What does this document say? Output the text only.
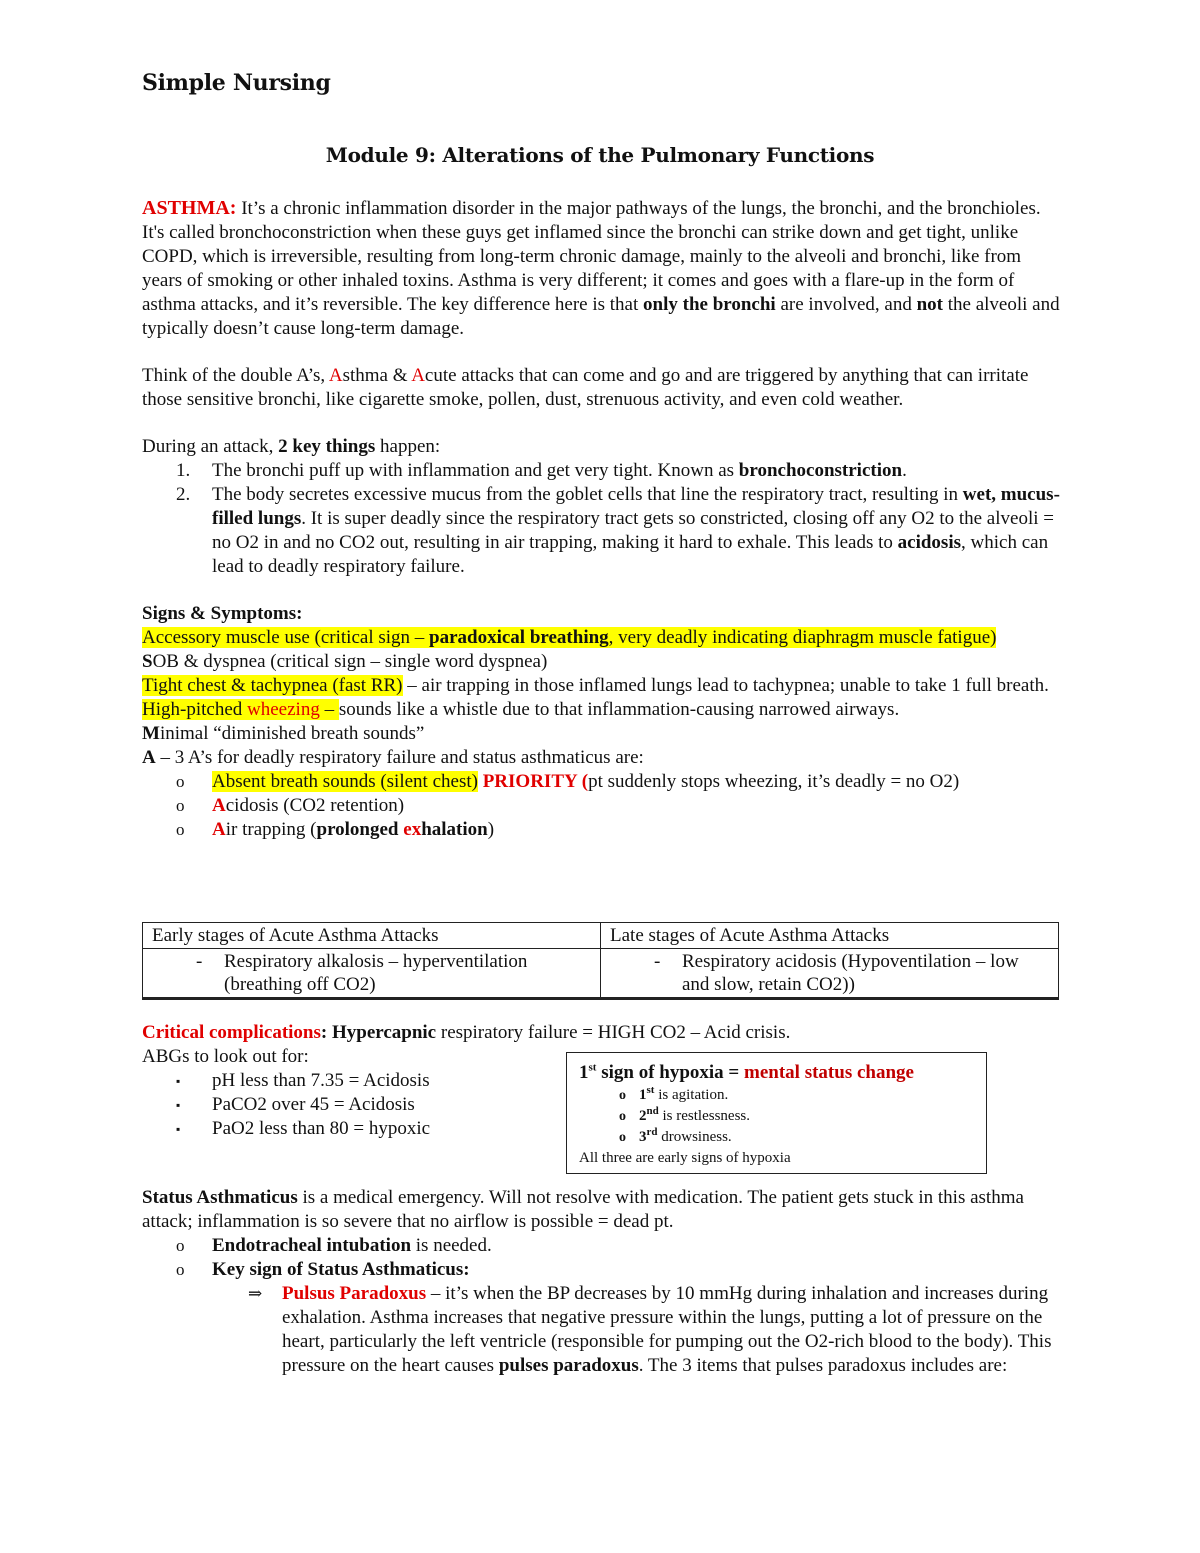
Simple Nursing
Module 9: Alterations of the Pulmonary Functions

ASTHMA: It’s a chronic inflammation disorder in the major pathways of the lungs, the bronchi, and the bronchioles. It's called bronchoconstriction when these guys get inflamed since the bronchi can strike down and get tight, unlike COPD, which is irreversible, resulting from long-term chronic damage, mainly to the alveoli and bronchi, like from years of smoking or other inhaled toxins. Asthma is very different; it comes and goes with a flare-up in the form of asthma attacks, and it’s reversible. The key difference here is that only the bronchi are involved, and not the alveoli and typically doesn’t cause long-term damage.

Think of the double A’s, Asthma & Acute attacks that can come and go and are triggered by anything that can irritate those sensitive bronchi, like cigarette smoke, pollen, dust, strenuous activity, and even cold weather.

During an attack, 2 key things happen:

1. The bronchi puff up with inflammation and get very tight. Known as bronchoconstriction.
2. The body secretes excessive mucus from the goblet cells that line the respiratory tract, resulting in wet, mucus-filled lungs. It is super deadly since the respiratory tract gets so constricted, closing off any O2 to the alveoli = no O2 in and no CO2 out, resulting in air trapping, making it hard to exhale. This leads to acidosis, which can lead to deadly respiratory failure.

Signs & Symptoms:

Accessory muscle use (critical sign – paradoxical breathing, very deadly indicating diaphragm muscle fatigue)

SOB & dyspnea (critical sign – single word dyspnea)

Tight chest & tachypnea (fast RR) – air trapping in those inflamed lungs lead to tachypnea; unable to take 1 full breath.

High-pitched wheezing – sounds like a whistle due to that inflammation-causing narrowed airways.

Minimal “diminished breath sounds”

A – 3 A’s for deadly respiratory failure and status asthmaticus are:

o Absent breath sounds (silent chest) PRIORITY (pt suddenly stops wheezing, it’s deadly = no O2)
o Acidosis (CO2 retention)
o Air trapping (prolonged exhalation)
Early stages of Acute Asthma Attacks	Late stages of Acute Asthma Attacks

- Respiratory alkalosis – hyperventilation (breathing off CO2)	- Respiratory acidosis (Hypoventilation – low and slow, retain CO2))

Critical complications: Hypercapnic respiratory failure = HIGH CO2 – Acid crisis.

ABGs to look out for:

▪ pH less than 7.35 = Acidosis
▪ PaCO2 over 45 = Acidosis
▪ PaO2 less than 80 = hypoxic
1st sign of hypoxia = mental status change
o 1st is agitation.
o 2nd is restlessness.
o 3rd drowsiness.
All three are early signs of hypoxia

Status Asthmaticus is a medical emergency. Will not resolve with medication. The patient gets stuck in this asthma attack; inflammation is so severe that no airflow is possible = dead pt.

o Endotracheal intubation is needed.
o Key sign of Status Asthmaticus:
⇒ Pulsus Paradoxus – it’s when the BP decreases by 10 mmHg during inhalation and increases during exhalation. Asthma increases that negative pressure within the lungs, putting a lot of pressure on the heart, particularly the left ventricle (responsible for pumping out the O2-rich blood to the body). This pressure on the heart causes pulses paradoxus. The 3 items that pulses paradoxus includes are:
